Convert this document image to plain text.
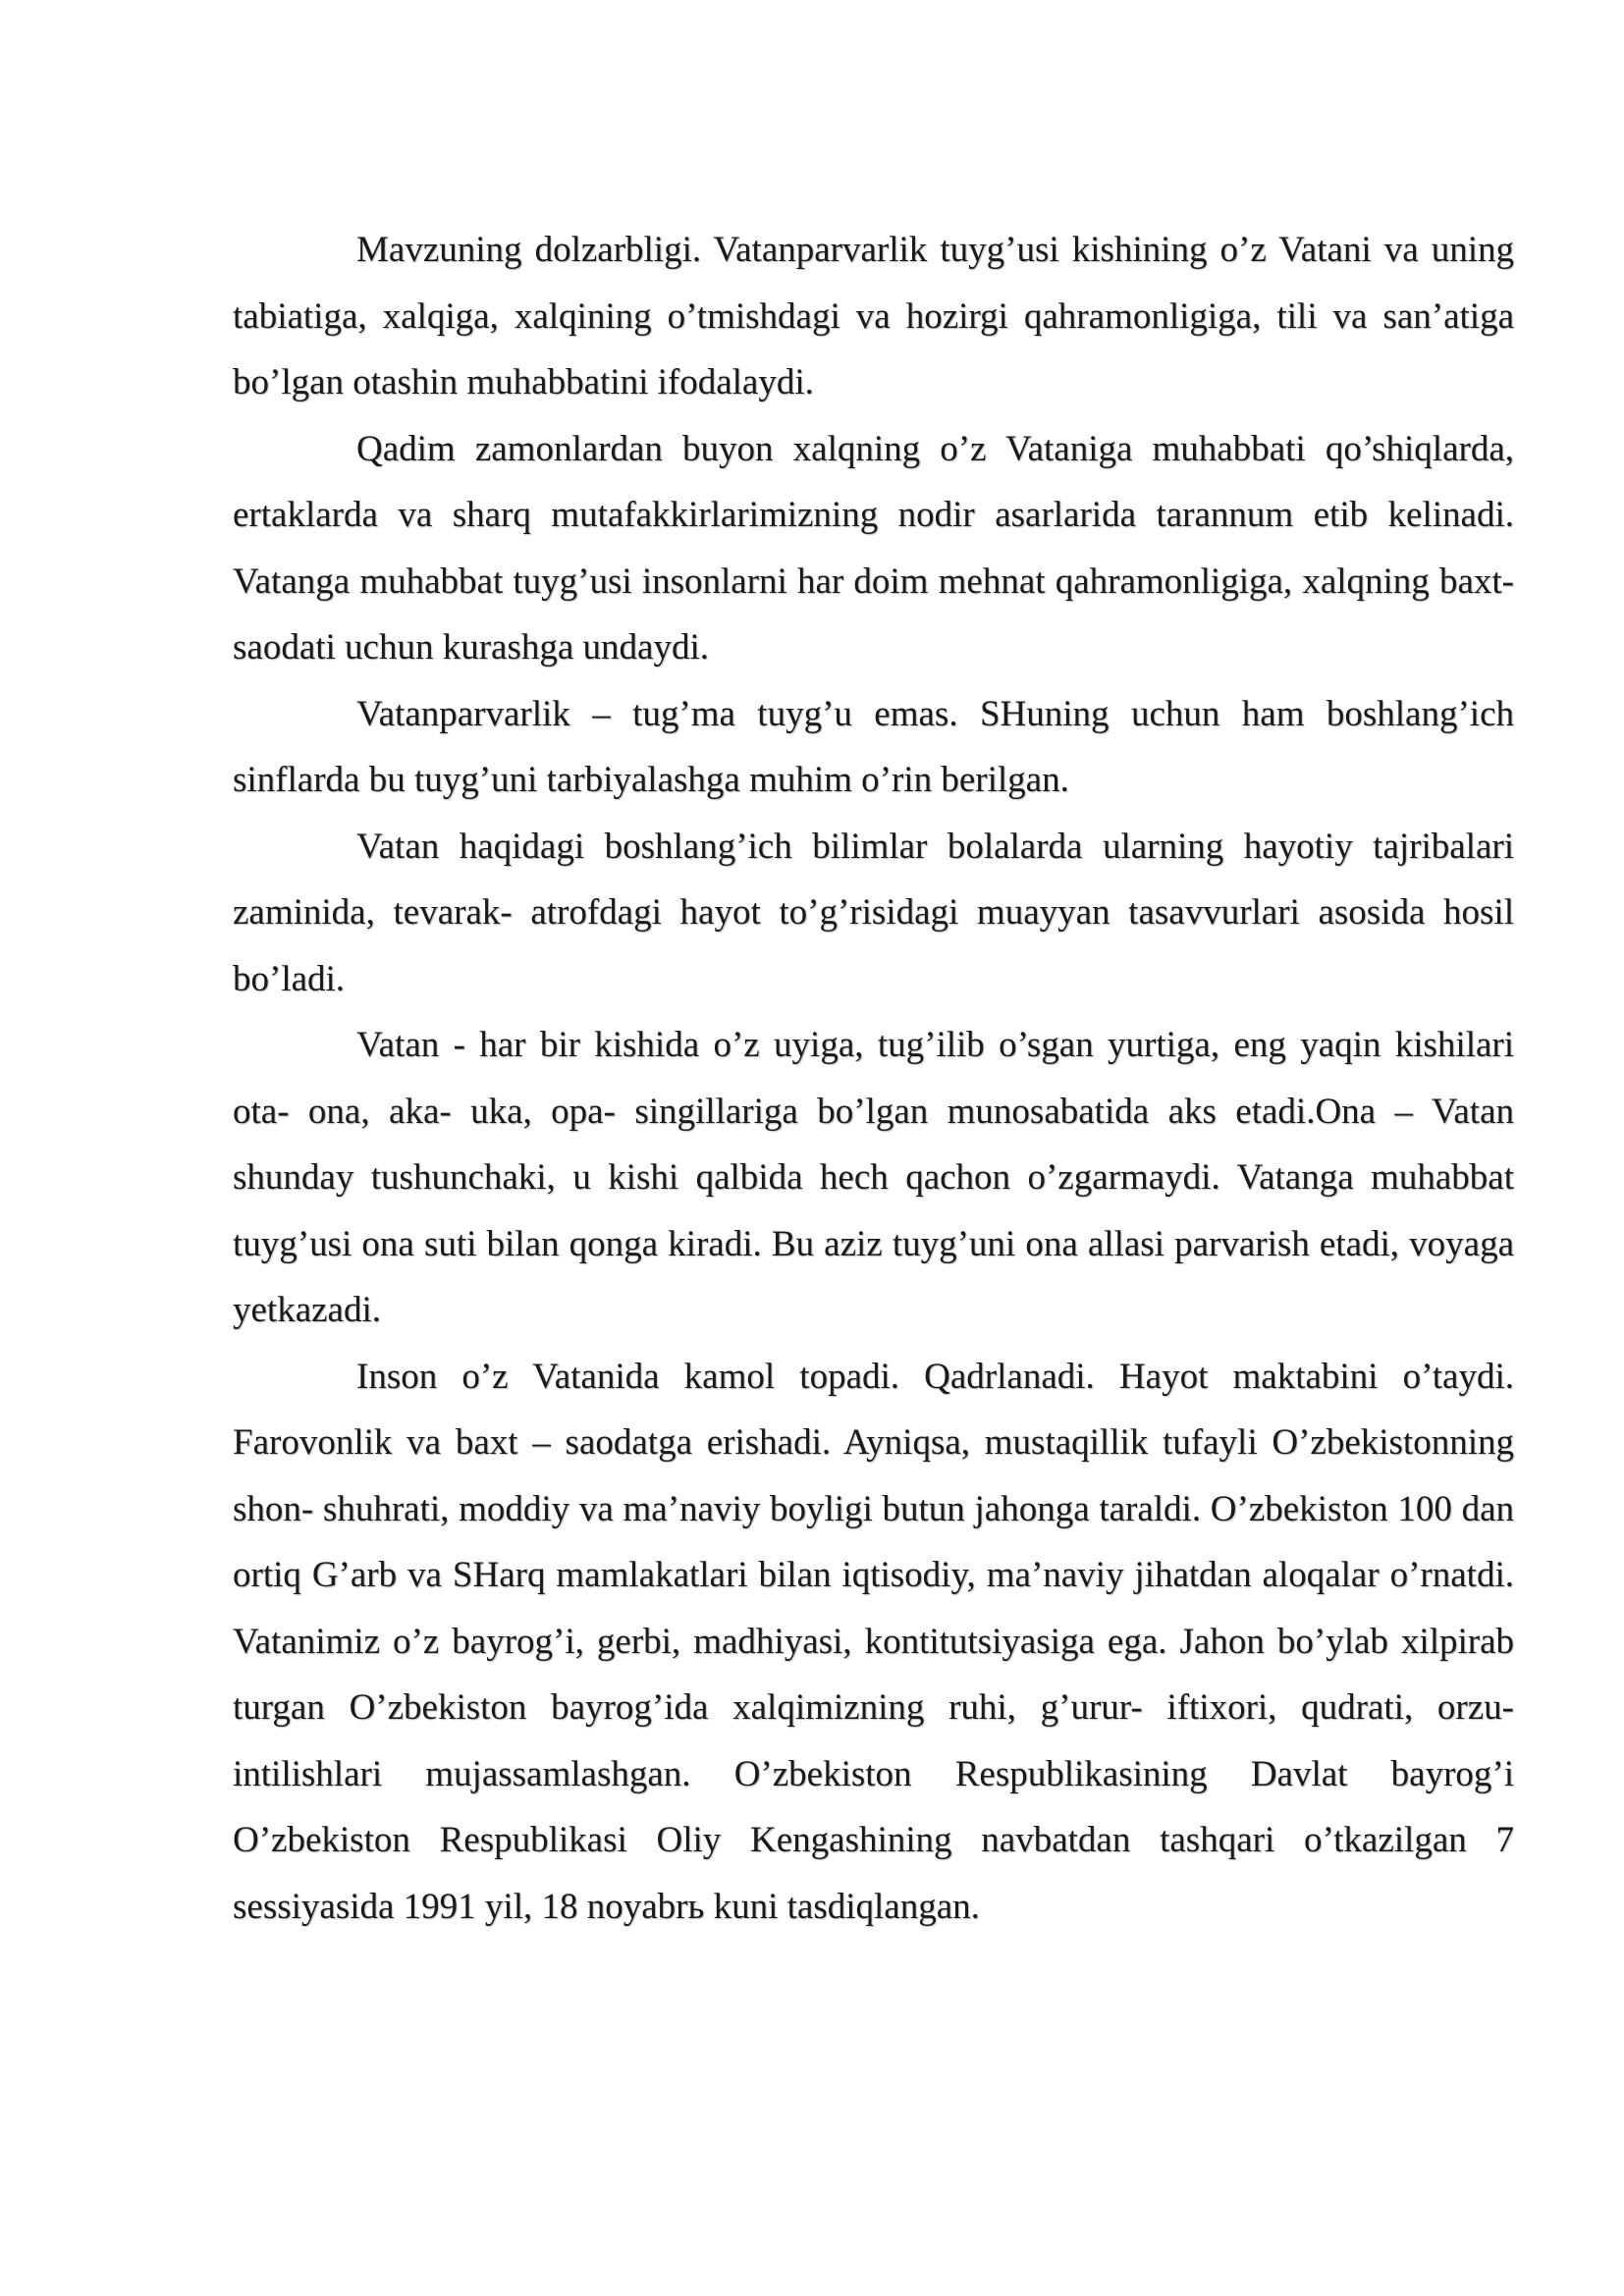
Mavzuning dolzarbligi. Vatanparvarlik tuyg’usi kishining o’z Vatani va uning tabiatiga, xalqiga, xalqining o’tmishdagi va hozirgi qahramonligiga, tili va san’atiga bo’lgan otashin muhabbatini ifodalaydi.

Qadim zamonlardan buyon xalqning o’z Vataniga muhabbati qo’shiqlarda, ertaklarda va sharq mutafakkirlarimizning nodir asarlarida tarannum etib kelinadi. Vatanga muhabbat tuyg’usi insonlarni har doim mehnat qahramonligiga, xalqning baxt- saodati uchun kurashga undaydi.

Vatanparvarlik – tug’ma tuyg’u emas. SHuning uchun ham boshlang’ich sinflarda bu tuyg’uni tarbiyalashga muhim o’rin berilgan.

Vatan haqidagi boshlang’ich bilimlar bolalarda ularning hayotiy tajribalari zaminida, tevarak- atrofdagi hayot to’g’risidagi muayyan tasavvurlari asosida hosil bo’ladi.

Vatan - har bir kishida o’z uyiga, tug’ilib o’sgan yurtiga, eng yaqin kishilari ota- ona, aka- uka, opa- singillariga bo’lgan munosabatida aks etadi.Ona – Vatan shunday tushunchaki, u kishi qalbida hech qachon o’zgarmaydi. Vatanga muhabbat tuyg’usi ona suti bilan qonga kiradi. Bu aziz tuyg’uni ona allasi parvarish etadi, voyaga yetkazadi.

Inson o’z Vatanida kamol topadi. Qadrlanadi. Hayot maktabini o’taydi. Farovonlik va baxt – saodatga erishadi. Ayniqsa, mustaqillik tufayli O’zbekistonning shon- shuhrati, moddiy va ma’naviy boyligi butun jahonga taraldi. O’zbekiston 100 dan ortiq G’arb va SHarq mamlakatlari bilan iqtisodiy, ma’naviy jihatdan aloqalar o’rnatdi. Vatanimiz o’z bayrog’i, gerbi, madhiyasi, kontitutsiyasiga ega. Jahon bo’ylab xilpirab turgan O’zbekiston bayrog’ida xalqimizning ruhi, g’urur- iftixori, qudrati, orzu- intilishlari mujassamlashgan. O’zbekiston Respublikasining Davlat bayrog’i O’zbekiston Respublikasi Oliy Kengashining navbatdan tashqari o’tkazilgan 7 sessiyasida 1991 yil, 18 noyabrь kuni tasdiqlangan.
